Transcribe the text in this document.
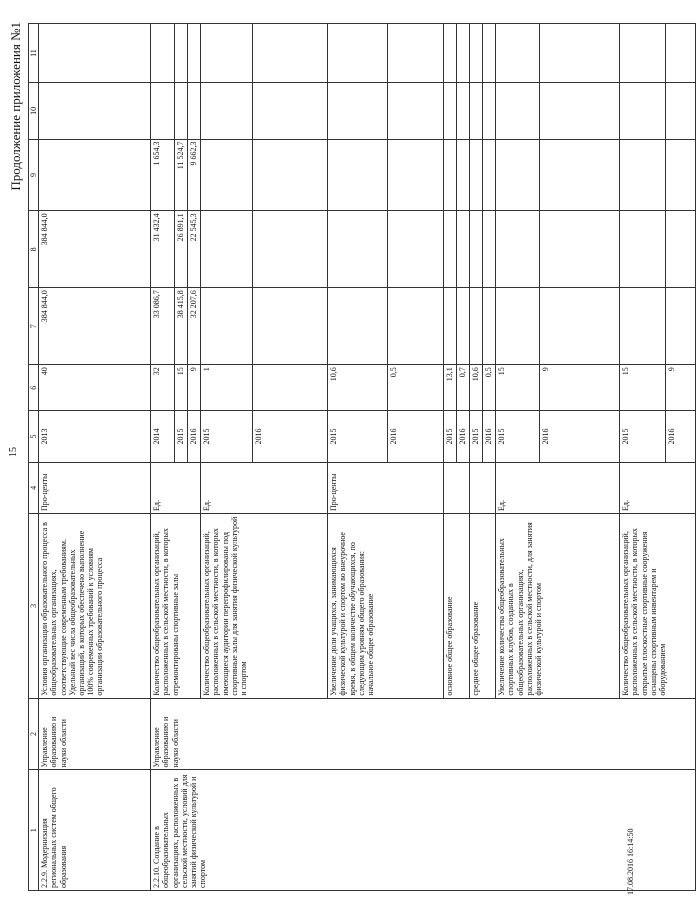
15
Продолжение приложения №1
1	2	3	4	5	6	7	8	9	10	11
2.2.9. Модернизация региональных систем общего образования	Управление образованию и науки области	Условия организации образовательного процесса в общеобразовательных организациях, соответствующие современным требованиям. Удельный вес числа общеобразовательных организаций, в которых обеспечено выполнение 100% современных требований к условиям организации образовательного процесса	Про-центы	2013	40	384 844,0	384 844,0			
2.2.10. Создание в общеобразовательных организациях, расположенных в сельской местности, условий для занятий физической культурой и спортом	Управление образованию и науки области	Количество общеобразовательных организаций, расположенных в сельской местности, в которых отремонтированы спортивные залы	Ед.	2014	32	33 086,7	31 432,4	1 654,3		
				2015	15	38 415,8	26 891,1	11 524,7		
				2016	9	32 207,6	22 545,3	9 662,3		
		Количество общеобразовательных организаций, расположенных в сельской местности, в которых имеющиеся аудитории перепрофилированы под спортивные залы для занятия физической культурой и спортом	Ед.	2015	1					
				2016						
		Увеличение доли учащихся, занимающихся физической культурой и спортом во внеурочное время, в общем количестве обучающихся, по следующим уровням общего образования: начальное общее образование	Про-центы	2015	10,6					
				2016	0,5					
		основное общее образование		2015	13,1					
				2016	0,7					
		среднее общее образование		2015	10,6					
				2016	0,5					
		Увеличение количества общеобразовательных спортивных клубов, созданных в общеобразовательных организациях, расположенных в сельской местности, для занятия физической культурой и спортом	Ед.	2015	15					
				2016	9					
		Количество общеобразовательных организаций, расположенных в сельской местности, в которых открытые плоскостные спортивные сооружения оснащены спортивным инвентарем и оборудованием	Ед.	2015	15					
				2016	9					
17.08.2016 16:14:50
